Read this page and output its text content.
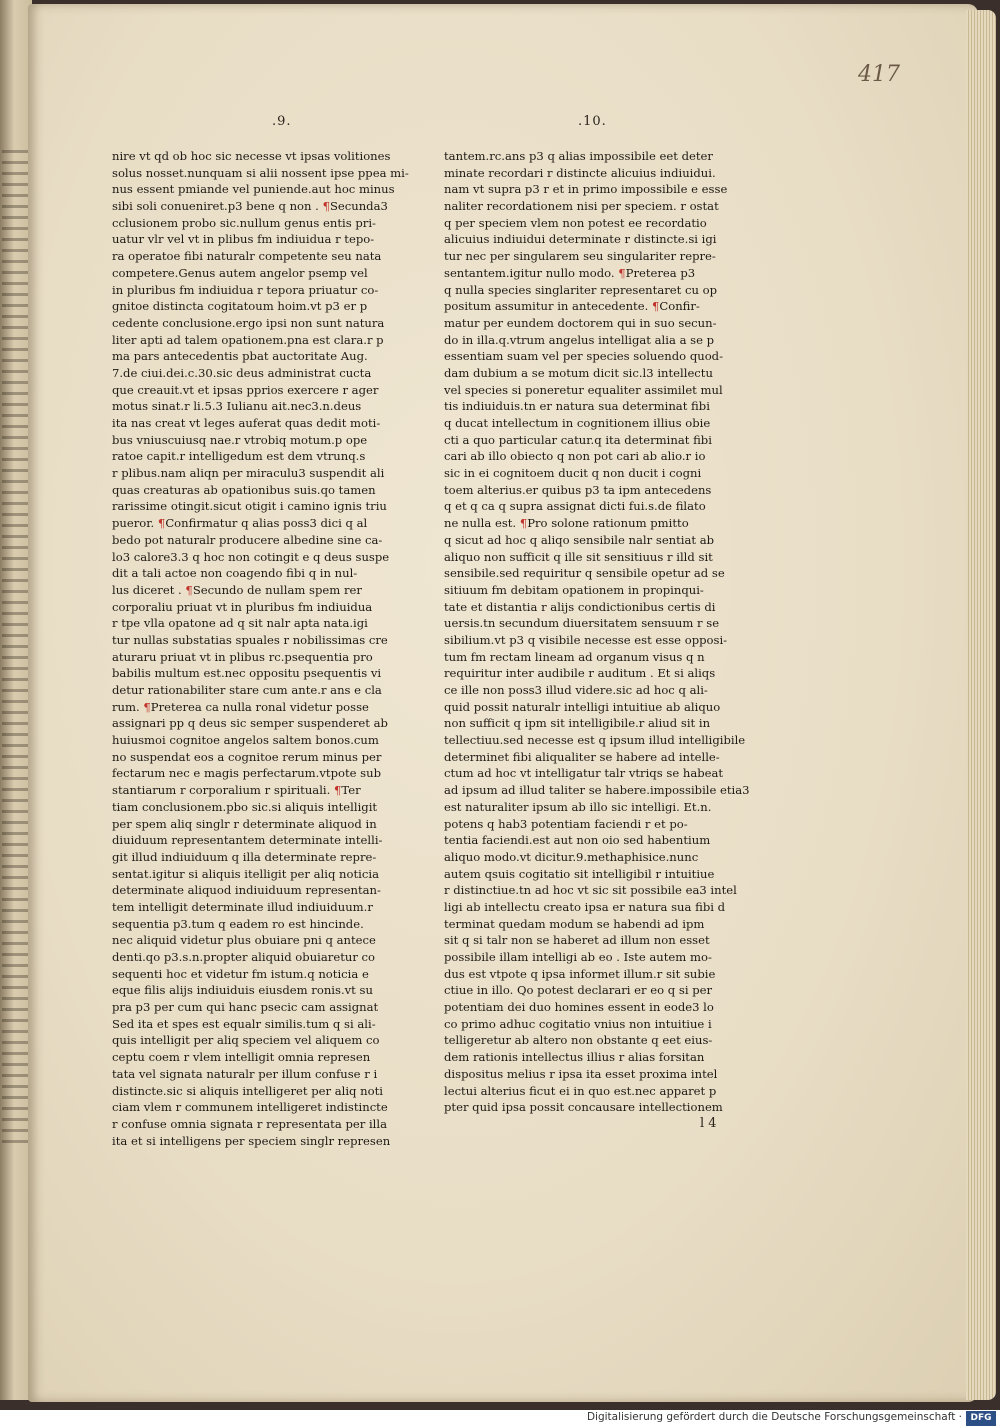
417
.9.	.10.
nire vt qd ob hoc sic necesse vt ipsas volitiones
solus nosset.nunquam si alii nossent ipse ppea mi-
nus essent pmiande vel puniende.aut hoc minus
sibi soli conueniret.p3 bene q non . ¶Secunda3
cclusionem probo sic.nullum genus entis pri-
uatur vlr vel vt in plibus fm indiuidua r tepo-
ra operatoe fibi naturalr competente seu nata
competere.Genus autem angelor psemp vel
in pluribus fm indiuidua r tepora priuatur co-
gnitoe distincta cogitatoum hoim.vt p3 er p
cedente conclusione.ergo ipsi non sunt natura
liter apti ad talem opationem.pna est clara.r p
ma pars antecedentis pbat auctoritate Aug.
7.de ciui.dei.c.30.sic deus administrat cucta
que creauit.vt et ipsas pprios exercere r ager
motus sinat.r li.5.3 Iulianu ait.nec3.n.deus
ita nas creat vt leges auferat quas dedit moti-
bus vniuscuiusq nae.r vtrobiq motum.p ope
ratoe capit.r intelligedum est dem vtrunq.s
r plibus.nam aliqn per miraculu3 suspendit ali
quas creaturas ab opationibus suis.qo tamen
rarissime otingit.sicut otigit i camino ignis triu
pueror. ¶Confirmatur q alias poss3 dici q al
bedo pot naturalr producere albedine sine ca-
lo3 calore3.3 q hoc non cotingit e q deus suspe
dit a tali actoe non coagendo fibi q in nul-
lus diceret . ¶Secundo de nullam spem rer
corporaliu priuat vt in pluribus fm indiuidua
r tpe vlla opatone ad q sit nalr apta nata.igi
tur nullas substatias spuales r nobilissimas cre
aturaru priuat vt in plibus rc.psequentia pro
babilis multum est.nec oppositu psequentis vi
detur rationabiliter stare cum ante.r ans e cla
rum. ¶Preterea ca nulla ronal videtur posse
assignari pp q deus sic semper suspenderet ab
huiusmoi cognitoe angelos saltem bonos.cum
no suspendat eos a cognitoe rerum minus per
fectarum nec e magis perfectarum.vtpote sub
stantiarum r corporalium r spirituali. ¶Ter
tiam conclusionem.pbo sic.si aliquis intelligit
per spem aliq singlr r determinate aliquod in
diuiduum representantem determinate intelli-
git illud indiuiduum q illa determinate repre-
sentat.igitur si aliquis itelligit per aliq noticia
determinate aliquod indiuiduum representan-
tem intelligit determinate illud indiuiduum.r
sequentia p3.tum q eadem ro est hincinde.
nec aliquid videtur plus obuiare pni q antece
denti.qo p3.s.n.propter aliquid obuiaretur co
sequenti hoc et videtur fm istum.q noticia e
eque filis alijs indiuiduis eiusdem ronis.vt su
pra p3 per cum qui hanc psecic cam assignat
Sed ita et spes est equalr similis.tum q si ali-
quis intelligit per aliq speciem vel aliquem co
ceptu coem r vlem intelligit omnia represen
tata vel signata naturalr per illum confuse r i
distincte.sic si aliquis intelligeret per aliq noti
ciam vlem r communem intelligeret indistincte
r confuse omnia signata r representata per illa
ita et si intelligens per speciem singlr represen
tantem.rc.ans p3 q alias impossibile eet deter
minate recordari r distincte alicuius indiuidui.
nam vt supra p3 r et in primo impossibile e esse
naliter recordationem nisi per speciem. r ostat
q per speciem vlem non potest ee recordatio
alicuius indiuidui determinate r distincte.si igi
tur nec per singularem seu singulariter repre-
sentantem.igitur nullo modo. ¶Preterea p3
q nulla species singlariter representaret cu op
positum assumitur in antecedente. ¶Confir-
matur per eundem doctorem qui in suo secun-
do in illa.q.vtrum angelus intelligat alia a se p
essentiam suam vel per species soluendo quod-
dam dubium a se motum dicit sic.l3 intellectu
vel species si poneretur equaliter assimilet mul
tis indiuiduis.tn er natura sua determinat fibi
q ducat intellectum in cognitionem illius obie
cti a quo particular catur.q ita determinat fibi
cari ab illo obiecto q non pot cari ab alio.r io
sic in ei cognitoem ducit q non ducit i cogni
toem alterius.er quibus p3 ta ipm antecedens
q et q ca q supra assignat dicti fui.s.de filato
ne nulla est. ¶Pro solone rationum pmitto
q sicut ad hoc q aliqo sensibile nalr sentiat ab
aliquo non sufficit q ille sit sensitiuus r illd sit
sensibile.sed requiritur q sensibile opetur ad se
sitiuum fm debitam opationem in propinqui-
tate et distantia r alijs condictionibus certis di
uersis.tn secundum diuersitatem sensuum r se
sibilium.vt p3 q visibile necesse est esse opposi-
tum fm rectam lineam ad organum visus q n
requiritur inter audibile r auditum . Et si aliqs
ce ille non poss3 illud videre.sic ad hoc q ali-
quid possit naturalr intelligi intuitiue ab aliquo
non sufficit q ipm sit intelligibile.r aliud sit in
tellectiuu.sed necesse est q ipsum illud intelligibile
determinet fibi aliqualiter se habere ad intelle-
ctum ad hoc vt intelligatur talr vtriqs se habeat
ad ipsum ad illud taliter se habere.impossibile etia3
est naturaliter ipsum ab illo sic intelligi. Et.n.
potens q hab3 potentiam faciendi r et po-
tentia faciendi.est aut non oio sed habentium
aliquo modo.vt dicitur.9.methaphisice.nunc
autem qsuis cogitatio sit intelligibil r intuitiue
r distinctiue.tn ad hoc vt sic sit possibile ea3 intel
ligi ab intellectu creato ipsa er natura sua fibi d
terminat quedam modum se habendi ad ipm
sit q si talr non se haberet ad illum non esset
possibile illam intelligi ab eo . Iste autem mo-
dus est vtpote q ipsa informet illum.r sit subie
ctiue in illo. Qo potest declarari er eo q si per
potentiam dei duo homines essent in eode3 lo
co primo adhuc cogitatio vnius non intuitiue i
telligeretur ab altero non obstante q eet eius-
dem rationis intellectus illius r alias forsitan
dispositus melius r ipsa ita esset proxima intel
lectui alterius ficut ei in quo est.nec apparet p
pter quid ipsa possit concausare intellectionem
l 4
Digitalisierung gefördert durch die Deutsche Forschungsgemeinschaft · DFG
